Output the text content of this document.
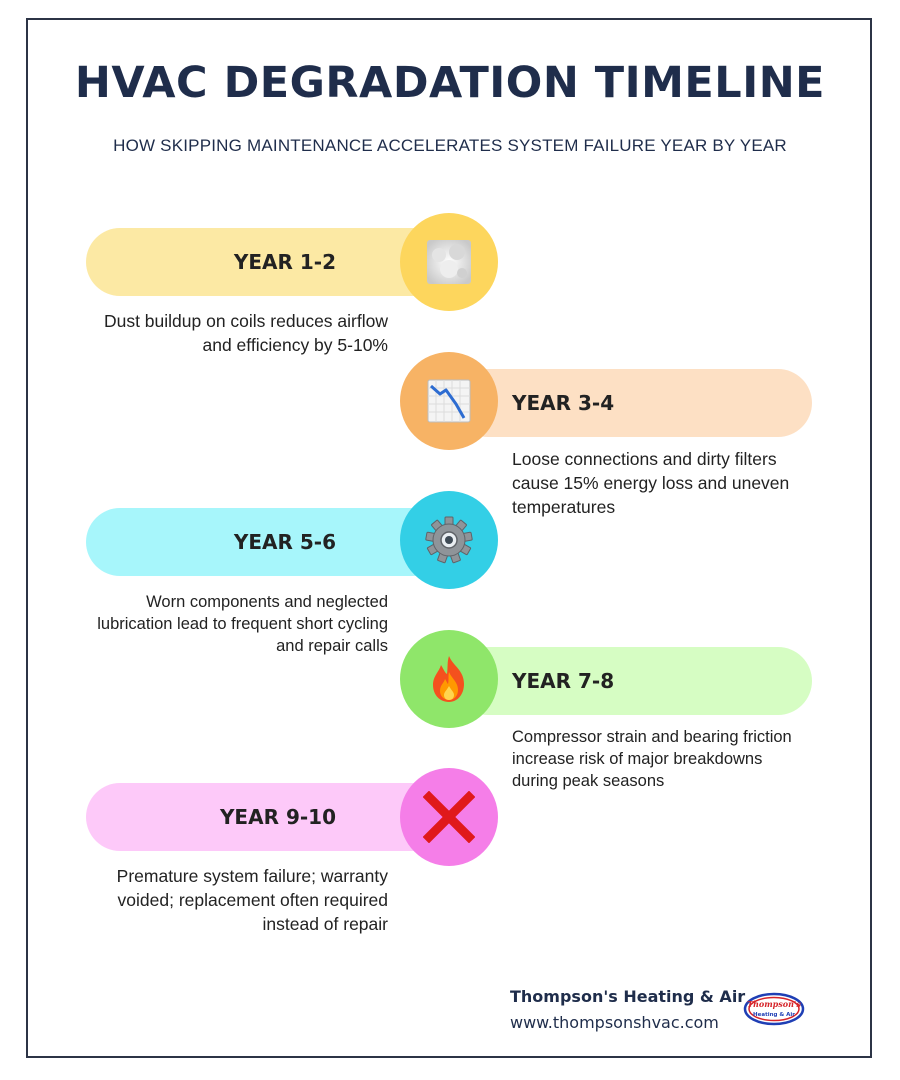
HVAC DEGRADATION TIMELINE
HOW SKIPPING MAINTENANCE ACCELERATES SYSTEM FAILURE YEAR BY YEAR
YEAR 1-2
Dust buildup on coils reduces airflow and efficiency by 5-10%
YEAR 3-4
Loose connections and dirty filters cause 15% energy loss and uneven temperatures
YEAR 5-6
Worn components and neglected lubrication lead to frequent short cycling and repair calls
YEAR 7-8
Compressor strain and bearing friction increase risk of major breakdowns during peak seasons
YEAR 9-10
Premature system failure; warranty voided; replacement often required instead of repair
Thompson's Heating & Air
www.thompsonshvac.com
Thompson's
Heating & Air
